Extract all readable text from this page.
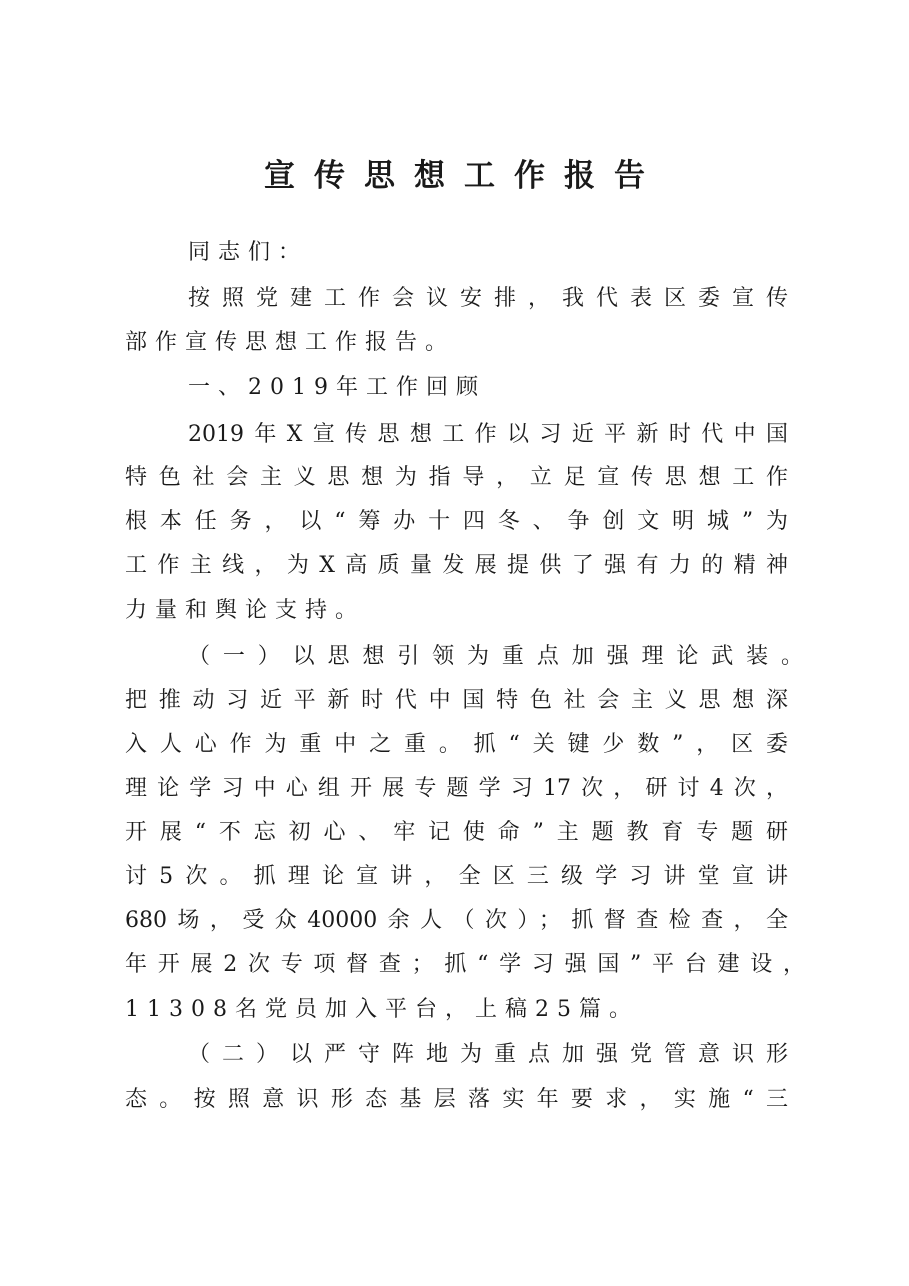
宣传思想工作报告
同志们：
按照党建工作会议安排，我代表区委宣传
部作宣传思想工作报告。
一、2019年工作回顾
2019年X宣传思想工作以习近平新时代中国
特色社会主义思想为指导，立足宣传思想工作
根本任务，以“筹办十四冬、争创文明城”为
工作主线，为X高质量发展提供了强有力的精神
力量和舆论支持。
（一）以思想引领为重点加强理论武装。
把推动习近平新时代中国特色社会主义思想深
入人心作为重中之重。抓“关键少数”，区委
理论学习中心组开展专题学习17次，研讨4次，
开展“不忘初心、牢记使命”主题教育专题研
讨5次。抓理论宣讲，全区三级学习讲堂宣讲
680场，受众40000余人（次）；抓督查检查，全
年开展2次专项督查；抓“学习强国”平台建设，
11308名党员加入平台，上稿25篇。
（二）以严守阵地为重点加强党管意识形
态。按照意识形态基层落实年要求，实施“三
